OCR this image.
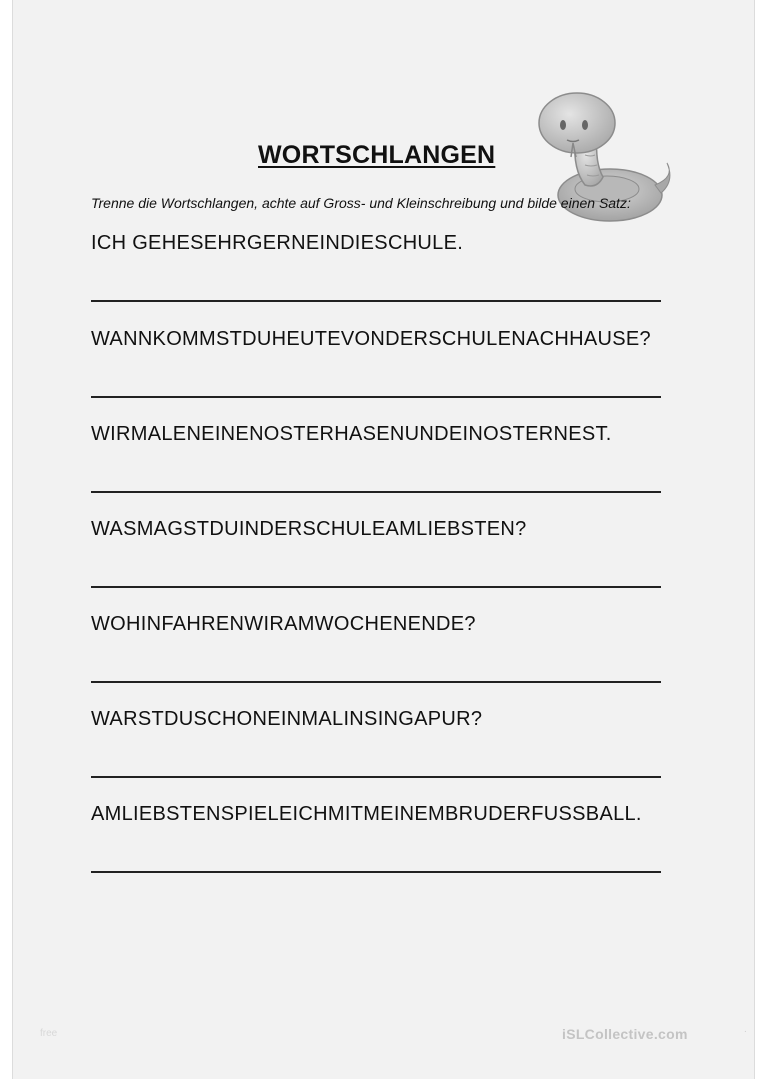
WORTSCHLANGEN

Trenne die Wortschlangen, achte auf Gross- und Kleinschreibung und bilde einen Satz:

ICH GEHESEHRGERNEINDIESCHULE.

WANNKOMMSTDUHEUTEVONDERSCHULENACHHAUSE?

WIRMALENEINENOSTERHASENUNDEINOSTERNEST.

WASMAGSTDUINDERSCHULEAMLIEBSTEN?

WOHINFAHRENWIRAMWOCHENENDE?

WARSTDUSCHONEINMALINSINGAPUR?

AMLIEBSTENSPIELEICHMITMEINEMBRUDERFUSSBALL.

free	iSLCollective.com	.
